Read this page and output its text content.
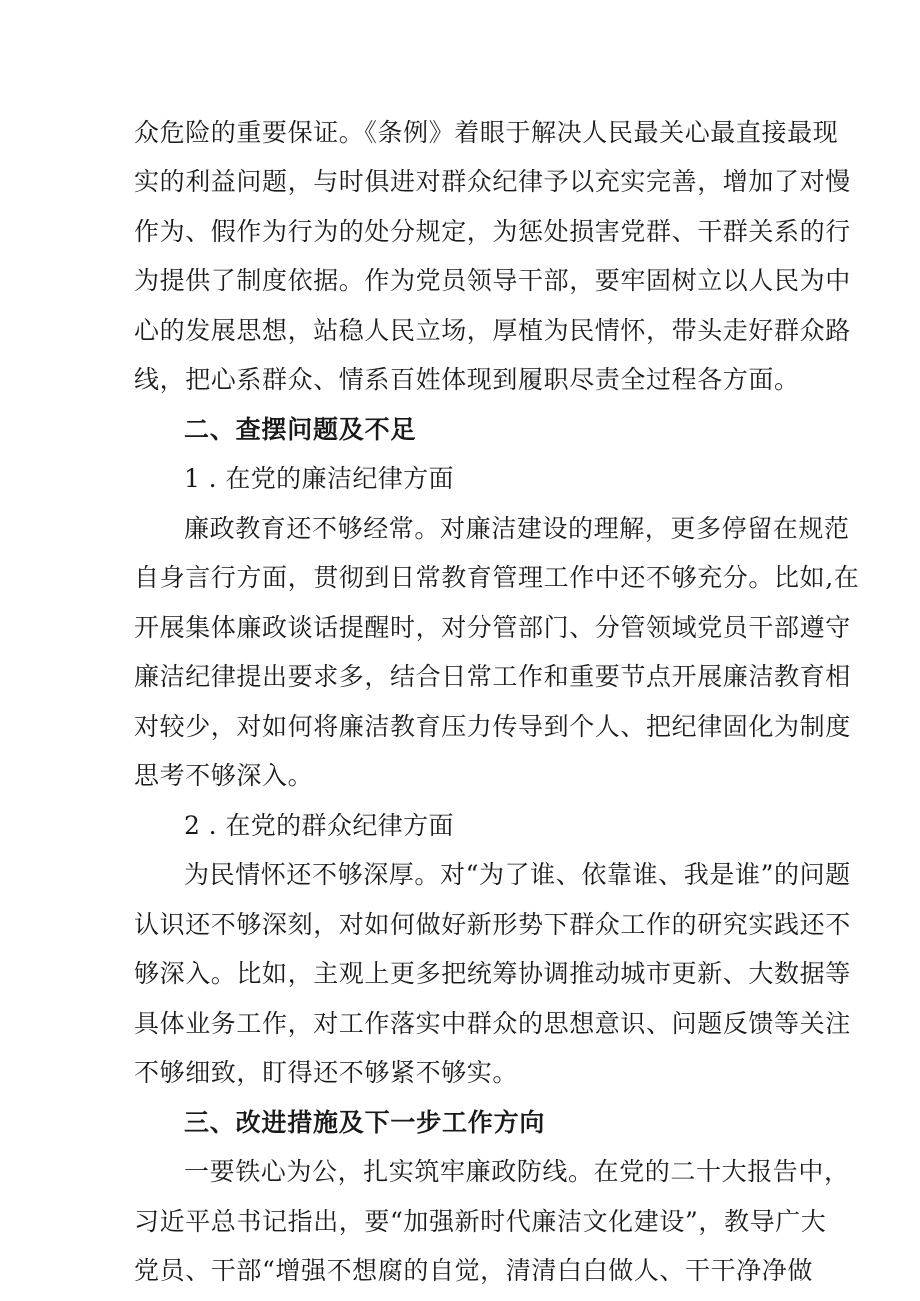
众危险的重要保证。《条例》着眼于解决人民最关心最直接最现
实的利益问题，与时俱进对群众纪律予以充实完善，增加了对慢
作为、假作为行为的处分规定，为惩处损害党群、干群关系的行
为提供了制度依据。作为党员领导干部，要牢固树立以人民为中
心的发展思想，站稳人民立场，厚植为民情怀，带头走好群众路
线，把心系群众、情系百姓体现到履职尽责全过程各方面。
二、查摆问题及不足
1 . 在党的廉洁纪律方面
廉政教育还不够经常。对廉洁建设的理解，更多停留在规范
自身言行方面，贯彻到日常教育管理工作中还不够充分。比如,在
开展集体廉政谈话提醒时，对分管部门、分管领域党员干部遵守
廉洁纪律提出要求多，结合日常工作和重要节点开展廉洁教育相
对较少，对如何将廉洁教育压力传导到个人、把纪律固化为制度
思考不够深入。
2 . 在党的群众纪律方面
为民情怀还不够深厚。对“为了谁、依靠谁、我是谁”的问题
认识还不够深刻，对如何做好新形势下群众工作的研究实践还不
够深入。比如，主观上更多把统筹协调推动城市更新、大数据等
具体业务工作，对工作落实中群众的思想意识、问题反馈等关注
不够细致，盯得还不够紧不够实。
三、改进措施及下一步工作方向
一要铁心为公，扎实筑牢廉政防线。在党的二十大报告中，
习近平总书记指出，要“加强新时代廉洁文化建设”，教导广大
党员、干部“增强不想腐的自觉，清清白白做人、干干净净做
